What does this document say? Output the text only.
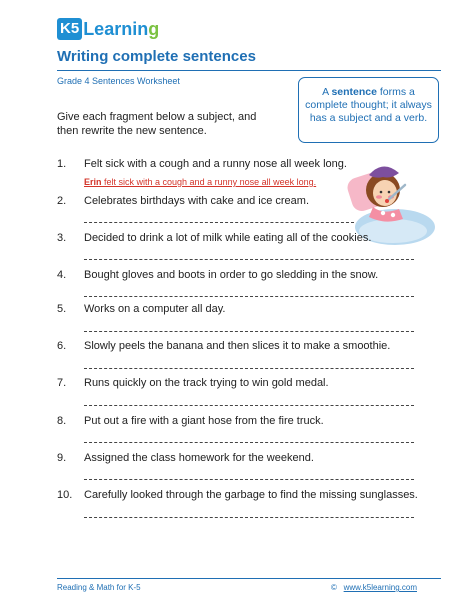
K5 Learning
Writing complete sentences
Grade 4 Sentences Worksheet
Give each fragment below a subject, and then rewrite the new sentence.
A sentence forms a complete thought; it always has a subject and a verb.
1.	Felt sick with a cough and a runny nose all week long.
Erin felt sick with a cough and a runny nose all week long.
2.	Celebrates birthdays with cake and ice cream.
3.	Decided to drink a lot of milk while eating all of the cookies.
4.	Bought gloves and boots in order to go sledding in the snow.
5.	Works on a computer all day.
6.	Slowly peels the banana and then slices it to make a smoothie.
7.	Runs quickly on the track trying to win gold medal.
8.	Put out a fire with a giant hose from the fire truck.
9.	Assigned the class homework for the weekend.
10.	Carefully looked through the garbage to find the missing sunglasses.
Reading & Math for K-5	© www.k5learning.com
